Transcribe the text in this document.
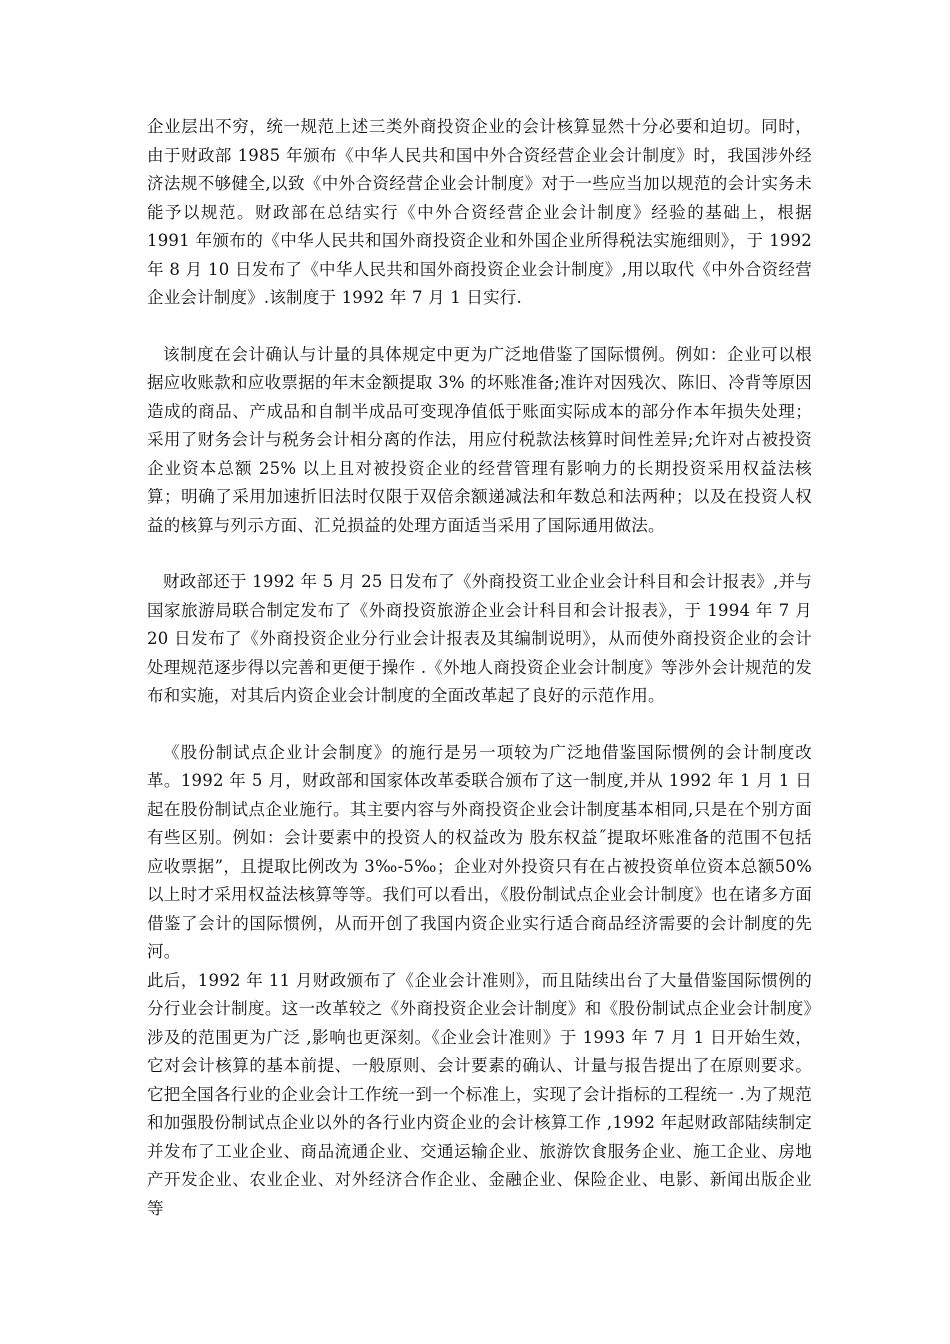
企业层出不穷，统一规范上述三类外商投资企业的会计核算显然十分必要和迫切。同时，由于财政部 1985 年颁布《中华人民共和国中外合资经营企业会计制度》时，我国涉外经济法规不够健全,以致《中外合资经营企业会计制度》对于一些应当加以规范的会计实务未能予以规范。财政部在总结实行《中外合资经营企业会计制度》经验的基础上，根据 1991 年颁布的《中华人民共和国外商投资企业和外国企业所得税法实施细则》，于 1992 年 8 月 10 日发布了《中华人民共和国外商投资企业会计制度》,用以取代《中外合资经营企业会计制度》.该制度于 1992 年 7 月 1 日实行.

该制度在会计确认与计量的具体规定中更为广泛地借鉴了国际惯例。例如：企业可以根据应收账款和应收票据的年末金额提取 3% 的坏账准备;准许对因残次、陈旧、冷背等原因造成的商品、产成品和自制半成品可变现净值低于账面实际成本的部分作本年损失处理；采用了财务会计与税务会计相分离的作法，用应付税款法核算时间性差异;允许对占被投资企业资本总额 25% 以上且对被投资企业的经营管理有影响力的长期投资采用权益法核算；明确了采用加速折旧法时仅限于双倍余额递减法和年数总和法两种；以及在投资人权益的核算与列示方面、汇兑损益的处理方面适当采用了国际通用做法。

财政部还于 1992 年 5 月 25 日发布了《外商投资工业企业会计科目和会计报表》,并与国家旅游局联合制定发布了《外商投资旅游企业会计科目和会计报表》，于 1994 年 7 月 20 日发布了《外商投资企业分行业会计报表及其编制说明》，从而使外商投资企业的会计处理规范逐步得以完善和更便于操作 .《外地人商投资企业会计制度》等涉外会计规范的发布和实施，对其后内资企业会计制度的全面改革起了良好的示范作用。

《股份制试点企业计会制度》的施行是另一项较为广泛地借鉴国际惯例的会计制度改革。1992 年 5 月，财政部和国家体改革委联合颁布了这一制度,并从 1992 年 1 月 1 日起在股份制试点企业施行。其主要内容与外商投资企业会计制度基本相同,只是在个别方面有些区别。例如：会计要素中的投资人的权益改为 股东权益˝提取坏账准备的范围不包括 应收票据”，且提取比例改为 3‰-5‰；企业对外投资只有在占被投资单位资本总额50% 以上时才采用权益法核算等等。我们可以看出，《股份制试点企业会计制度》也在诸多方面借鉴了会计的国际惯例，从而开创了我国内资企业实行适合商品经济需要的会计制度的先河。

此后，1992 年 11 月财政颁布了《企业会计准则》，而且陆续出台了大量借鉴国际惯例的分行业会计制度。这一改革较之《外商投资企业会计制度》和《股份制试点企业会计制度》涉及的范围更为广泛 ,影响也更深刻。《企业会计准则》于 1993 年 7 月 1 日开始生效，它对会计核算的基本前提、一般原则、会计要素的确认、计量与报告提出了在原则要求。它把全国各行业的企业会计工作统一到一个标准上，实现了会计指标的工程统一 .为了规范和加强股份制试点企业以外的各行业内资企业的会计核算工作 ,1992 年起财政部陆续制定并发布了工业企业、商品流通企业、交通运输企业、旅游饮食服务企业、施工企业、房地产开发企业、农业企业、对外经济合作企业、金融企业、保险企业、电影、新闻出版企业等
